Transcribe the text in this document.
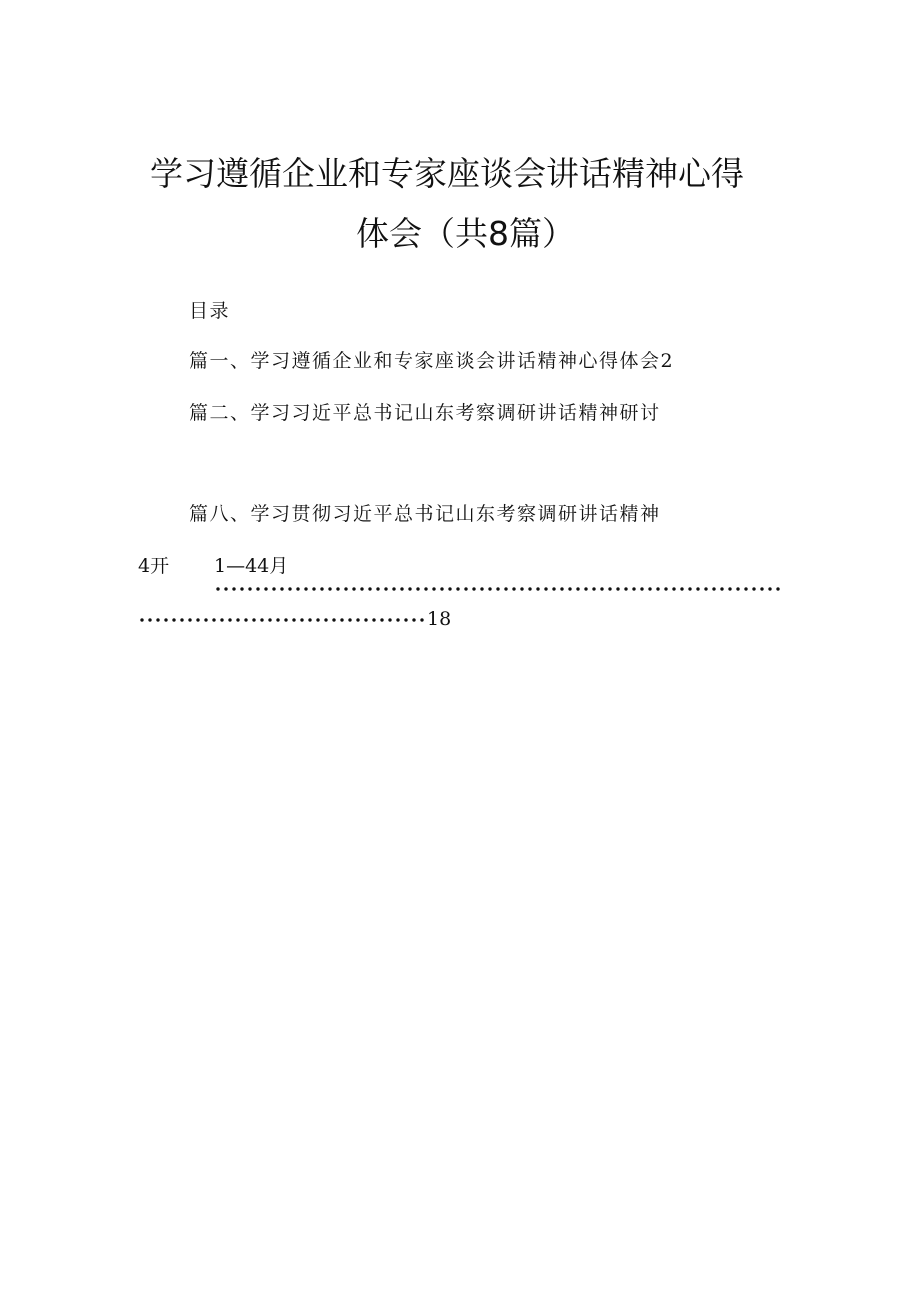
学习遵循企业和专家座谈会讲话精神心得
体会（共8篇）
目录
篇一、学习遵循企业和专家座谈会讲话精神心得体会2
篇二、学习习近平总书记山东考察调研讲话精神研讨
篇八、学习贯彻习近平总书记山东考察调研讲话精神
4开 1—44月
18
